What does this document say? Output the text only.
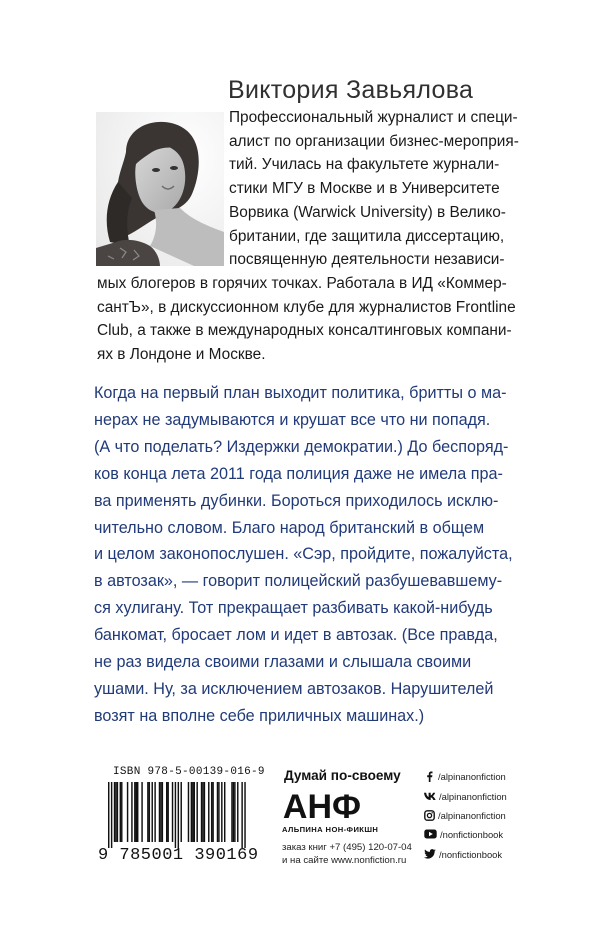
Виктория Завьялова
Профессиональный журналист и специ-
алист по организации бизнес-мероприя-
тий. Училась на факультете журнали-
стики МГУ в Москве и в Университете
Ворвика (Warwick University) в Велико-
британии, где защитила диссертацию,
посвященную деятельности независи-
мых блогеров в горячих точках. Работала в ИД «Коммер-
сантЪ», в дискуссионном клубе для журналистов Frontline
Club, а также в международных консалтинговых компани-
ях в Лондоне и Москве.
Когда на первый план выходит политика, бритты о ма-
нерах не задумываются и крушат все что ни попадя.
(А что поделать? Издержки демократии.) До беспоряд-
ков конца лета 2011 года полиция даже не имела пра-
ва применять дубинки. Бороться приходилось исклю-
чительно словом. Благо народ британский в общем
и целом законопослушен. «Сэр, пройдите, пожалуйста,
в автозак», — говорит полицейский разбушевавшему-
ся хулигану. Тот прекращает разбивать какой-нибудь
банкомат, бросает лом и идет в автозак. (Все правда,
не раз видела своими глазами и слышала своими
ушами. Ну, за исключением автозаков. Нарушителей
возят на вполне себе приличных машинах.)
ISBN 978-5-00139-016-9
9 785001 390169
Думай по-своему
АНФ
АЛЬПИНА НОН-ФИКШН
заказ книг +7 (495) 120-07-04
и на сайте www.nonfiction.ru
/alpinanonfiction
/alpinanonfiction
/alpinanonfiction
/nonfictionbook
/nonfictionbook
